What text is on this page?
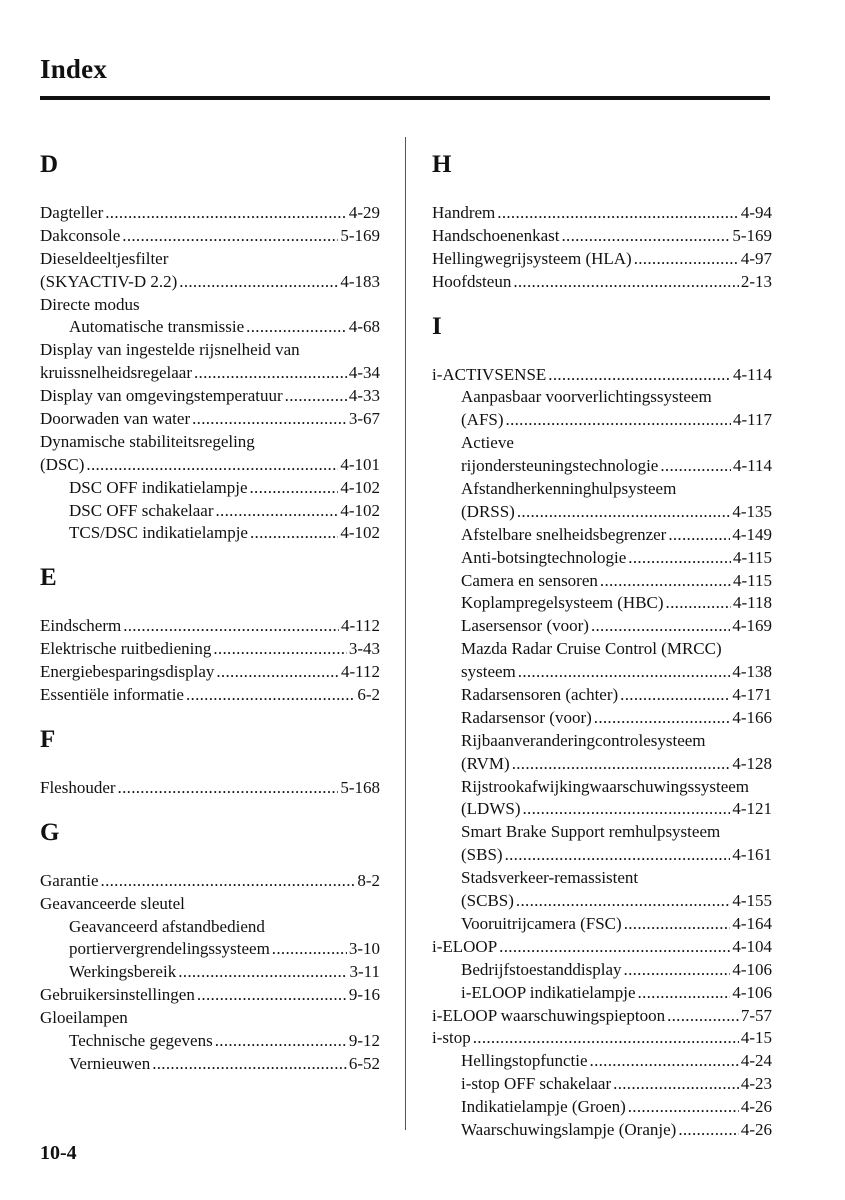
Index
D
Dagteller .....	4-29
Dakconsole .....	5-169
Dieseldeeltjesfilter
(SKYACTIV-D 2.2) .....	4-183
Directe modus
Automatische transmissie .....	4-68
Display van ingestelde rijsnelheid van
kruissnelheidsregelaar .....	4-34
Display van omgevingstemperatuur .....	4-33
Doorwaden van water .....	3-67
Dynamische stabiliteitsregeling
(DSC) .....	4-101
DSC OFF indikatielampje .....	4-102
DSC OFF schakelaar .....	4-102
TCS/DSC indikatielampje .....	4-102
E
Eindscherm .....	4-112
Elektrische ruitbediening .....	3-43
Energiebesparingsdisplay .....	4-112
Essentiële informatie .....	6-2
F
Fleshouder .....	5-168
G
Garantie .....	8-2
Geavanceerde sleutel
Geavanceerd afstandbediend
portiervergrendelingssysteem .....	3-10
Werkingsbereik .....	3-11
Gebruikersinstellingen .....	9-16
Gloeilampen
Technische gegevens .....	9-12
Vernieuwen .....	6-52
H
Handrem .....	4-94
Handschoenenkast .....	5-169
Hellingwegrijsysteem (HLA) .....	4-97
Hoofdsteun .....	2-13
I
i-ACTIVSENSE .....	4-114
Aanpasbaar voorverlichtingssysteem
(AFS) .....	4-117
Actieve
rijondersteuningstechnologie .....	4-114
Afstandherkenninghulpsysteem
(DRSS) .....	4-135
Afstelbare snelheidsbegrenzer .....	4-149
Anti-botsingtechnologie .....	4-115
Camera en sensoren .....	4-115
Koplampregelsysteem (HBC) .....	4-118
Lasersensor (voor) .....	4-169
Mazda Radar Cruise Control (MRCC)
systeem .....	4-138
Radarsensoren (achter) .....	4-171
Radarsensor (voor) .....	4-166
Rijbaanveranderingcontrolesysteem
(RVM) .....	4-128
Rijstrookafwijkingwaarschuwingssysteem
(LDWS) .....	4-121
Smart Brake Support remhulpsysteem
(SBS) .....	4-161
Stadsverkeer-remassistent
(SCBS) .....	4-155
Vooruitrijcamera (FSC) .....	4-164
i-ELOOP .....	4-104
Bedrijfstoestanddisplay .....	4-106
i-ELOOP indikatielampje .....	4-106
i-ELOOP waarschuwingspieptoon .....	7-57
i-stop .....	4-15
Hellingstopfunctie .....	4-24
i-stop OFF schakelaar .....	4-23
Indikatielampje (Groen) .....	4-26
Waarschuwingslampje (Oranje) .....	4-26
10-4
